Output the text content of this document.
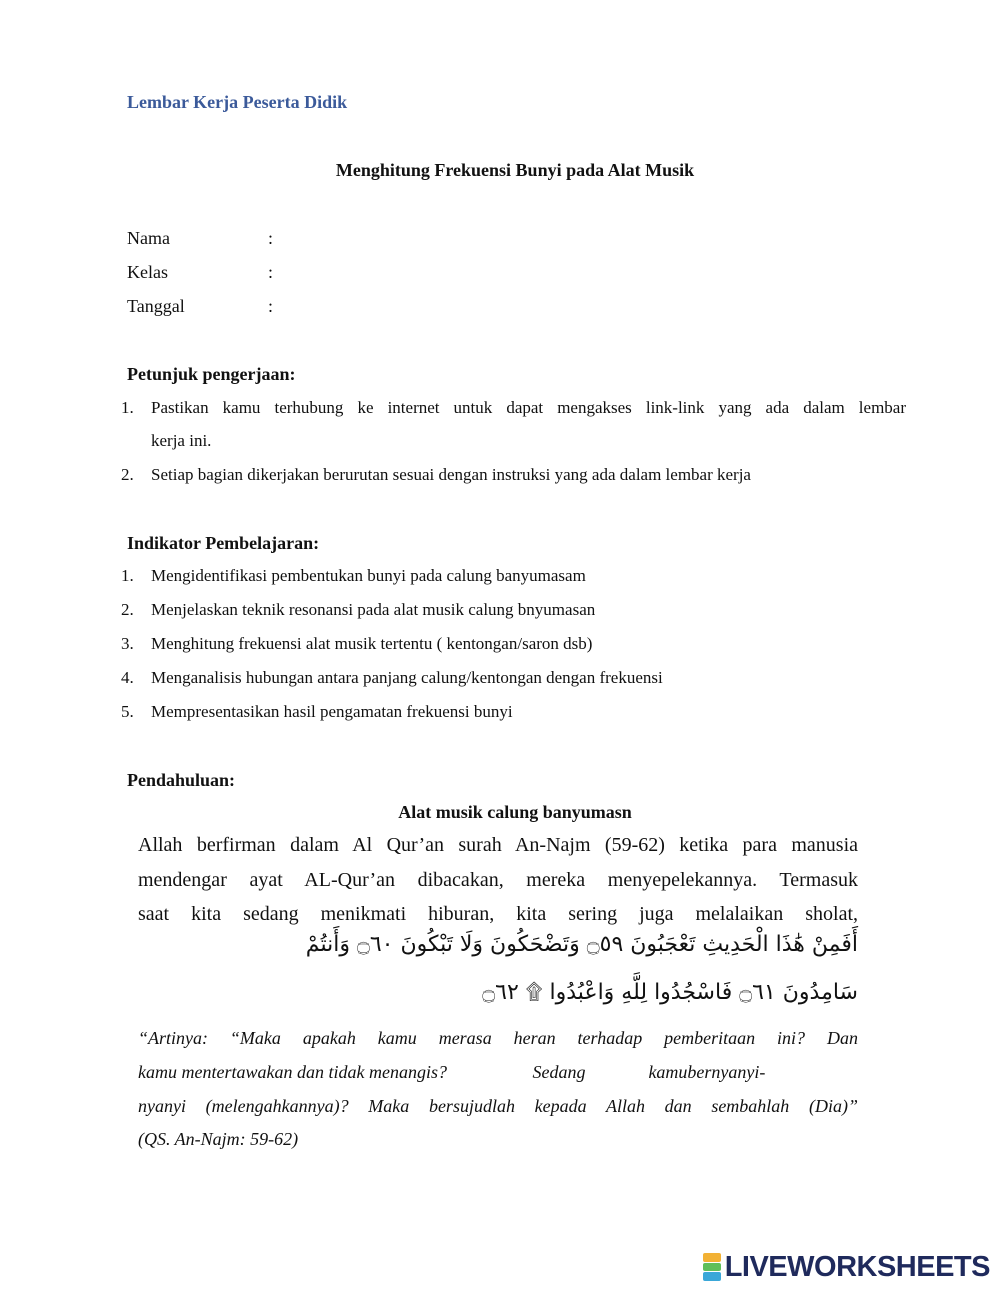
Lembar Kerja Peserta Didik
Menghitung Frekuensi Bunyi pada Alat Musik
Nama	:
Kelas	:
Tanggal	:
Petunjuk pengerjaan:
1.	Pastikan kamu terhubung ke internet untuk dapat mengakses link-link yang ada dalam lembar
kerja ini.
2.	Setiap bagian dikerjakan berurutan sesuai dengan instruksi yang ada dalam lembar kerja
Indikator Pembelajaran:
1.	Mengidentifikasi pembentukan bunyi pada calung banyumasam
2.	Menjelaskan teknik resonansi pada alat musik calung bnyumasan
3.	Menghitung frekuensi alat musik tertentu ( kentongan/saron dsb)
4.	Menganalisis hubungan antara panjang calung/kentongan dengan frekuensi
5.	Mempresentasikan hasil pengamatan frekuensi bunyi
Pendahuluan:
Alat musik calung banyumasn
Allah berfirman dalam Al Qur’an surah An-Najm (59-62) ketika para manusia
mendengar ayat AL-Qur’an dibacakan, mereka menyepelekannya. Termasuk
saat kita sedang menikmati hiburan, kita sering juga melalaikan sholat,
أَفَمِنْ هَٰذَا الْحَدِيثِ تَعْجَبُونَ ۝٥٩ وَتَضْحَكُونَ وَلَا تَبْكُونَ ۝٦٠ وَأَنتُمْ
سَامِدُونَ ۝٦١ فَاسْجُدُوا لِلَّهِ وَاعْبُدُوا ۩ ۝٦٢
“Artinya: “Maka apakah kamu merasa heran terhadap pemberitaan ini? Dan
kamu mentertawakan dan tidak menangis?                   Sedang              kamubernyanyi-
nyanyi (melengahkannya)? Maka bersujudlah kepada Allah dan sembahlah (Dia)”
(QS. An-Najm: 59-62)
LIVEWORKSHEETS
